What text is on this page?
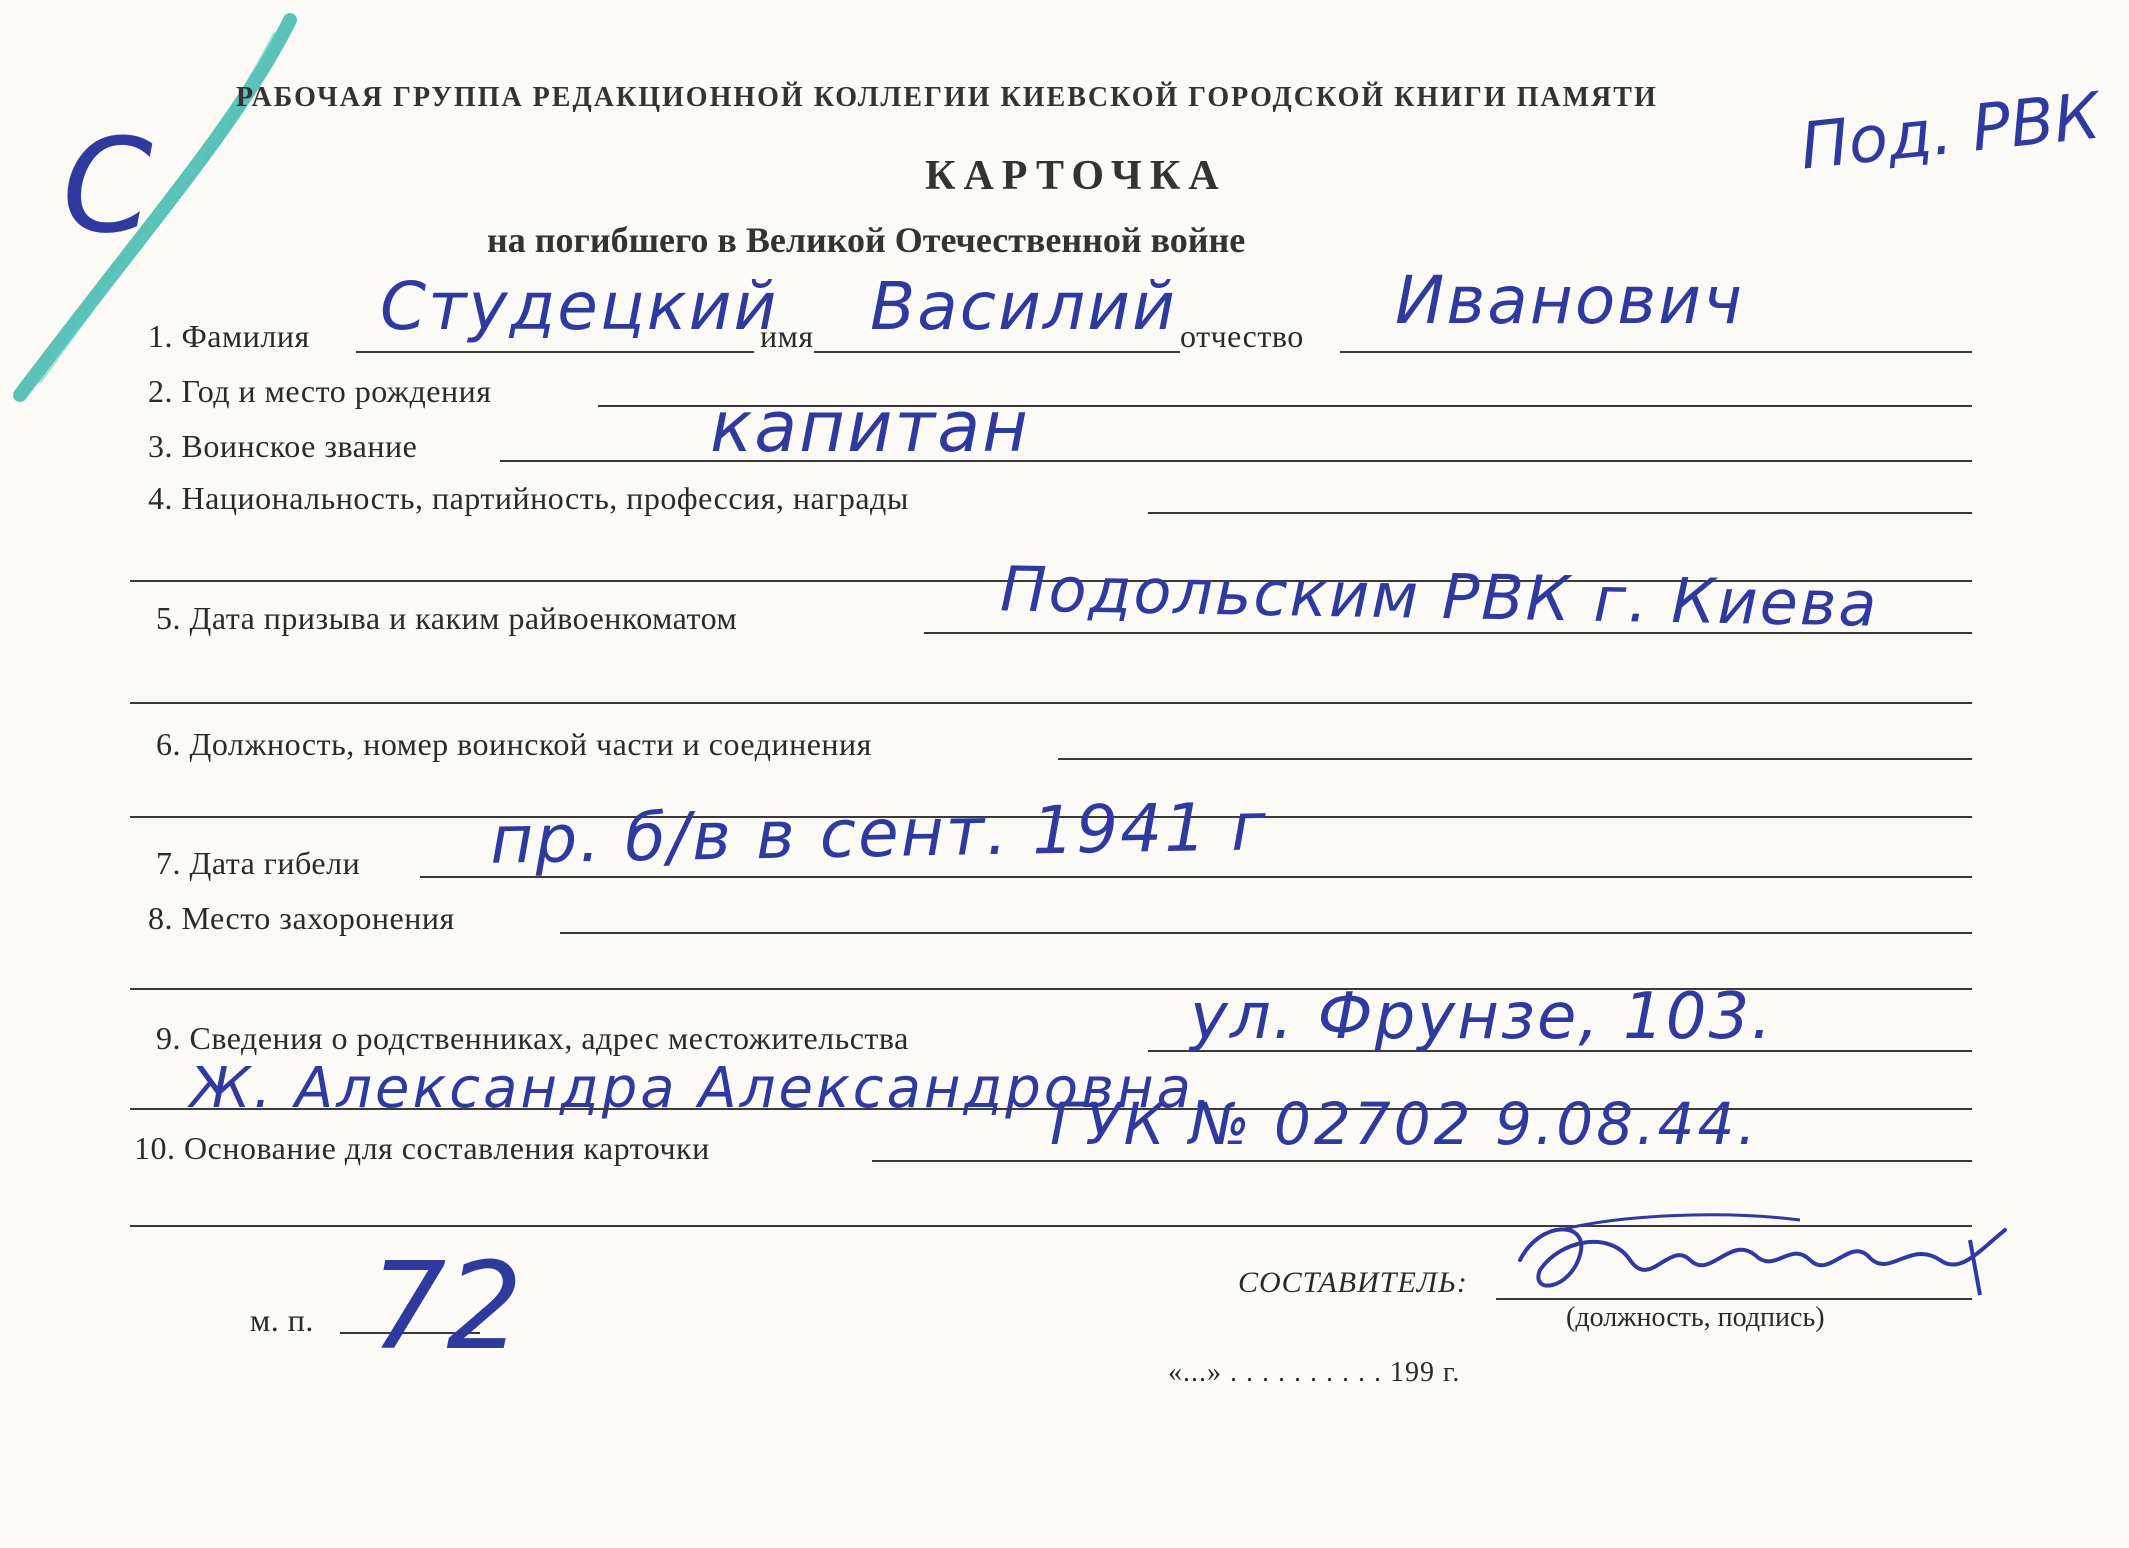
С	Под. РВК
РАБОЧАЯ ГРУППА РЕДАКЦИОННОЙ КОЛЛЕГИИ КИЕВСКОЙ ГОРОДСКОЙ КНИГИ ПАМЯТИ
КАРТОЧКА
на погибшего в Великой Отечественной войне
1. Фамилия Студецкий
имя Василий отчество Иванович
2. Год и место рождения
3. Воинское звание	капитан
4. Национальность, партийность, профессия, награды
5. Дата призыва и каким райвоенкоматом	Подольским РВК г. Киева
6. Должность, номер воинской части и соединения
7. Дата гибели пр. б/в в сент. 1941 г
8. Место захоронения
9. Сведения о родственниках, адрес местожительства	ул. Фрунзе, 103.
Ж. Александра Александровна.
10. Основание для составления карточки	ГУК № 02702 9.08.44.
м. п. 72	СОСТАВИТЕЛЬ:
(должность, подпись)
«...» . . . . . . . . . . 199 г.
